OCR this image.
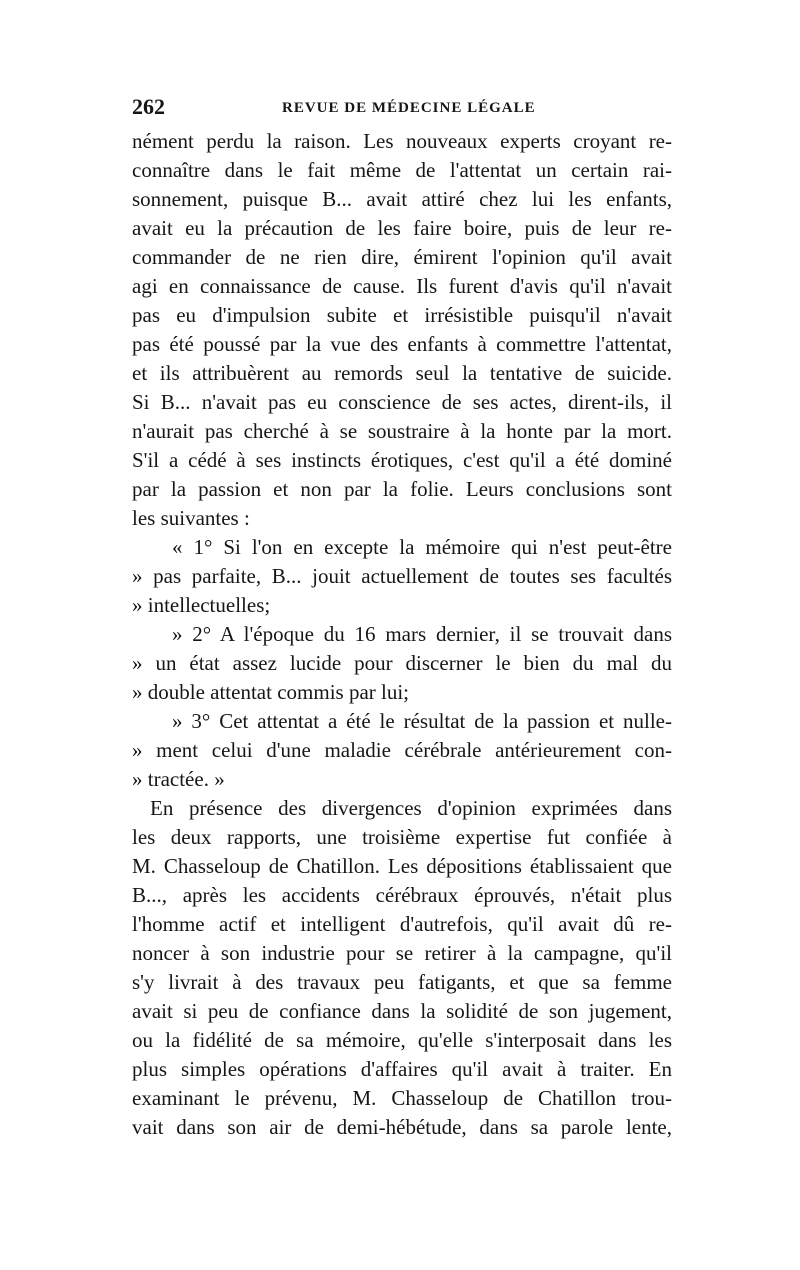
262	REVUE DE MÉDECINE LÉGALE
nément perdu la raison. Les nouveaux experts croyant re-
connaître dans le fait même de l'attentat un certain rai-
sonnement, puisque B... avait attiré chez lui les enfants,
avait eu la précaution de les faire boire, puis de leur re-
commander de ne rien dire, émirent l'opinion qu'il avait
agi en connaissance de cause. Ils furent d'avis qu'il n'avait
pas eu d'impulsion subite et irrésistible puisqu'il n'avait
pas été poussé par la vue des enfants à commettre l'attentat,
et ils attribuèrent au remords seul la tentative de suicide.
Si B... n'avait pas eu conscience de ses actes, dirent-ils, il
n'aurait pas cherché à se soustraire à la honte par la mort.
S'il a cédé à ses instincts érotiques, c'est qu'il a été dominé
par la passion et non par la folie. Leurs conclusions sont
les suivantes :
« 1° Si l'on en excepte la mémoire qui n'est peut-être
» pas parfaite, B... jouit actuellement de toutes ses facultés
» intellectuelles;
» 2° A l'époque du 16 mars dernier, il se trouvait dans
» un état assez lucide pour discerner le bien du mal du
» double attentat commis par lui;
» 3° Cet attentat a été le résultat de la passion et nulle-
» ment celui d'une maladie cérébrale antérieurement con-
» tractée. »
En présence des divergences d'opinion exprimées dans
les deux rapports, une troisième expertise fut confiée à
M. Chasseloup de Chatillon. Les dépositions établissaient que
B..., après les accidents cérébraux éprouvés, n'était plus
l'homme actif et intelligent d'autrefois, qu'il avait dû re-
noncer à son industrie pour se retirer à la campagne, qu'il
s'y livrait à des travaux peu fatigants, et que sa femme
avait si peu de confiance dans la solidité de son jugement,
ou la fidélité de sa mémoire, qu'elle s'interposait dans les
plus simples opérations d'affaires qu'il avait à traiter. En
examinant le prévenu, M. Chasseloup de Chatillon trou-
vait dans son air de demi-hébétude, dans sa parole lente,
